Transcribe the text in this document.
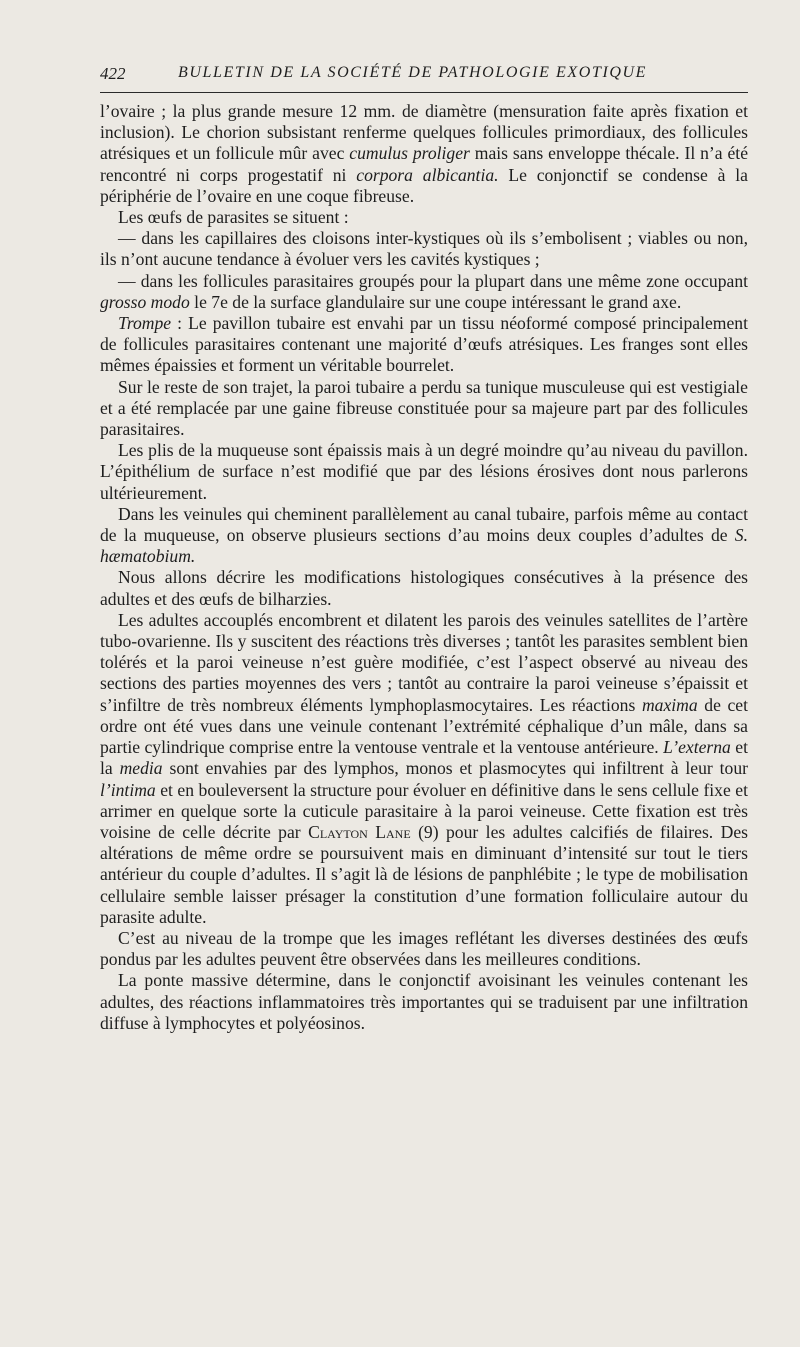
422	BULLETIN DE LA SOCIÉTÉ DE PATHOLOGIE EXOTIQUE

l’ovaire ; la plus grande mesure 12 mm. de diamètre (mensuration faite après fixation et inclusion). Le chorion subsistant renferme quelques follicules primordiaux, des follicules atrésiques et un follicule mûr avec cumulus proliger mais sans enveloppe thécale. Il n’a été rencontré ni corps progestatif ni corpora albicantia. Le conjonctif se condense à la périphérie de l’ovaire en une coque fibreuse.

Les œufs de parasites se situent :

— dans les capillaires des cloisons inter-kystiques où ils s’embolisent ; viables ou non, ils n’ont aucune tendance à évoluer vers les cavités kystiques ;

— dans les follicules parasitaires groupés pour la plupart dans une même zone occupant grosso modo le 7e de la surface glandulaire sur une coupe intéressant le grand axe.

Trompe : Le pavillon tubaire est envahi par un tissu néoformé composé principalement de follicules parasitaires contenant une majorité d’œufs atrésiques. Les franges sont elles mêmes épaissies et forment un véritable bourrelet.

Sur le reste de son trajet, la paroi tubaire a perdu sa tunique musculeuse qui est vestigiale et a été remplacée par une gaine fibreuse constituée pour sa majeure part par des follicules parasitaires.

Les plis de la muqueuse sont épaissis mais à un degré moindre qu’au niveau du pavillon. L’épithélium de surface n’est modifié que par des lésions érosives dont nous parlerons ultérieurement.

Dans les veinules qui cheminent parallèlement au canal tubaire, parfois même au contact de la muqueuse, on observe plusieurs sections d’au moins deux couples d’adultes de S. hæmatobium.

Nous allons décrire les modifications histologiques consécutives à la présence des adultes et des œufs de bilharzies.

Les adultes accouplés encombrent et dilatent les parois des veinules satellites de l’artère tubo-ovarienne. Ils y suscitent des réactions très diverses ; tantôt les parasites semblent bien tolérés et la paroi veineuse n’est guère modifiée, c’est l’aspect observé au niveau des sections des parties moyennes des vers ; tantôt au contraire la paroi veineuse s’épaissit et s’infiltre de très nombreux éléments lymphoplasmocytaires. Les réactions maxima de cet ordre ont été vues dans une veinule contenant l’extrémité céphalique d’un mâle, dans sa partie cylindrique comprise entre la ventouse ventrale et la ventouse antérieure. L’externa et la media sont envahies par des lymphos, monos et plasmocytes qui infiltrent à leur tour l’intima et en bouleversent la structure pour évoluer en définitive dans le sens cellule fixe et arrimer en quelque sorte la cuticule parasitaire à la paroi veineuse. Cette fixation est très voisine de celle décrite par Clayton Lane (9) pour les adultes calcifiés de filaires. Des altérations de même ordre se poursuivent mais en diminuant d’intensité sur tout le tiers antérieur du couple d’adultes. Il s’agit là de lésions de panphlébite ; le type de mobilisation cellulaire semble laisser présager la constitution d’une formation folliculaire autour du parasite adulte.

C’est au niveau de la trompe que les images reflétant les diverses destinées des œufs pondus par les adultes peuvent être observées dans les meilleures conditions.

La ponte massive détermine, dans le conjonctif avoisinant les veinules contenant les adultes, des réactions inflammatoires très importantes qui se traduisent par une infiltration diffuse à lymphocytes et polyéosinos.
